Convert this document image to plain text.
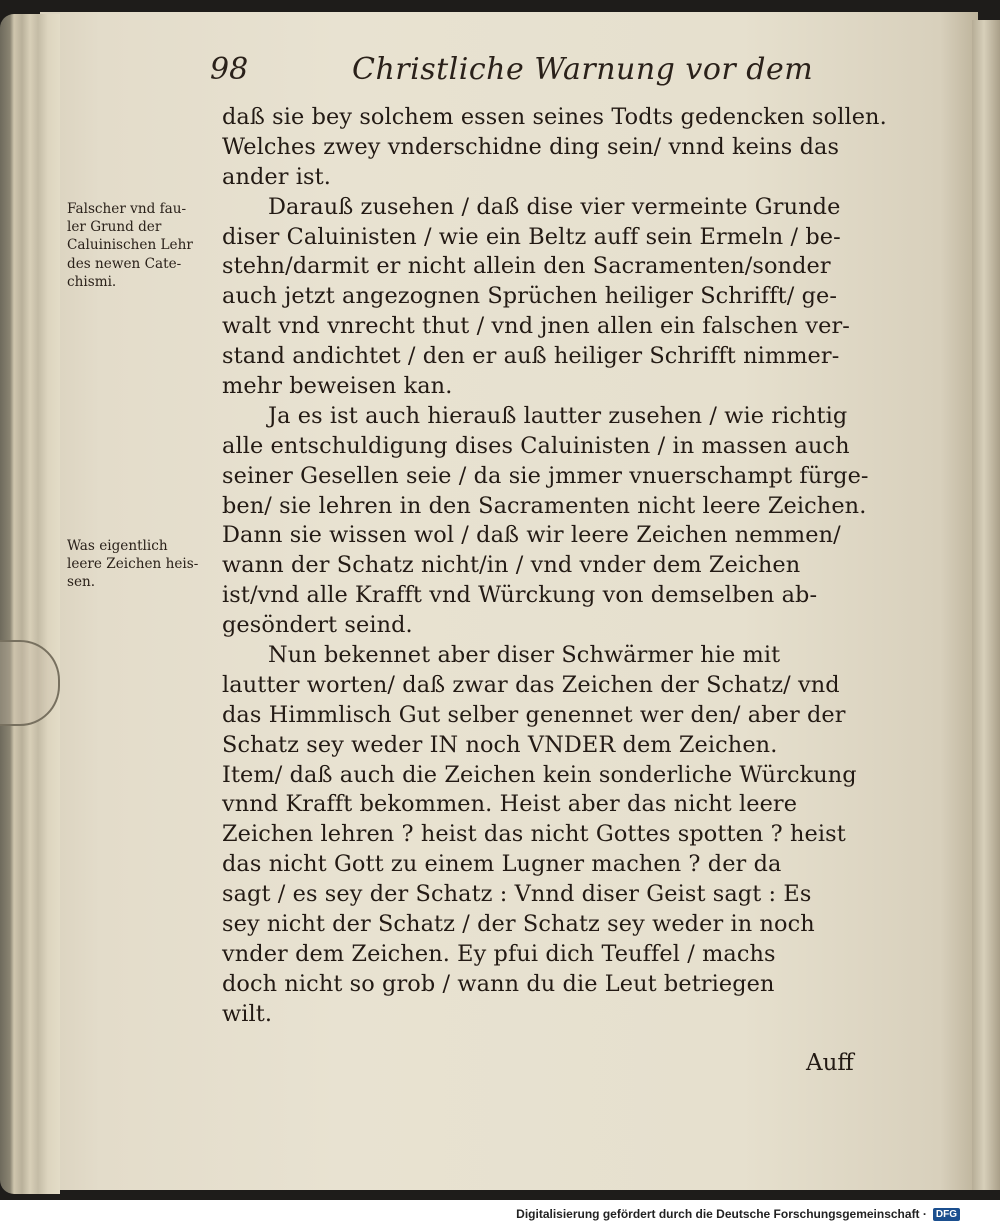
98	Christliche Warnung vor dem
daß sie bey solchem essen seines Todts gedencken sollen.
Welches zwey vnderschidne ding sein/ vnnd keins das
ander ist.
Darauß zusehen / daß dise vier vermeinte Grunde
diser Caluinisten / wie ein Beltz auff sein Ermeln / be-
stehn/darmit er nicht allein den Sacramenten/sonder
auch jetzt angezognen Sprüchen heiliger Schrifft/ ge-
walt vnd vnrecht thut / vnd jnen allen ein falschen ver-
stand andichtet / den er auß heiliger Schrifft nimmer-
mehr beweisen kan.
Ja es ist auch hierauß lautter zusehen / wie richtig
alle entschuldigung dises Caluinisten / in massen auch
seiner Gesellen seie / da sie jmmer vnuerschampt fürge-
ben/ sie lehren in den Sacramenten nicht leere Zeichen.
Dann sie wissen wol / daß wir leere Zeichen nemmen/
wann der Schatz nicht/in / vnd vnder dem Zeichen
ist/vnd alle Krafft vnd Würckung von demselben ab-
gesöndert seind.
Nun bekennet aber diser Schwärmer hie mit
lautter worten/ daß zwar das Zeichen der Schatz/ vnd
das Himmlisch Gut selber genennet wer den/ aber der
Schatz sey weder IN noch VNDER dem Zeichen.
Item/ daß auch die Zeichen kein sonderliche Würckung
vnnd Krafft bekommen. Heist aber das nicht leere
Zeichen lehren ? heist das nicht Gottes spotten ? heist
das nicht Gott zu einem Lugner machen ? der da
sagt / es sey der Schatz : Vnnd diser Geist sagt : Es
sey nicht der Schatz / der Schatz sey weder in noch
vnder dem Zeichen. Ey pfui dich Teuffel / machs
doch nicht so grob / wann du die Leut betriegen
wilt.
Falscher vnd fau-
ler Grund der
Caluinischen Lehr
des newen Cate-
chismi.
Was eigentlich
leere Zeichen heis-
sen.
Auff
Digitalisierung gefördert durch die Deutsche Forschungsgemeinschaft · DFG
